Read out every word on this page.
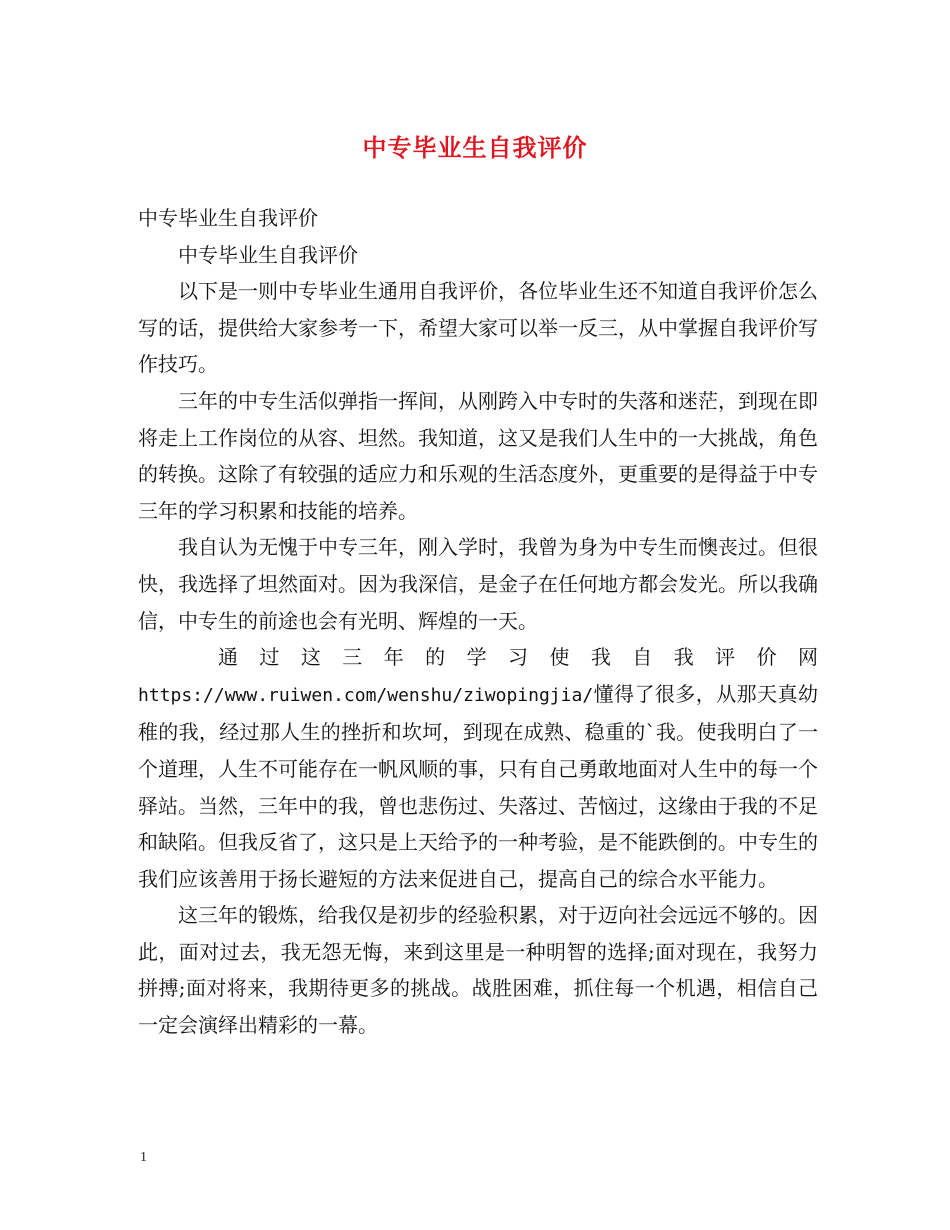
中专毕业生自我评价

中专毕业生自我评价

中专毕业生自我评价

以下是一则中专毕业生通用自我评价，各位毕业生还不知道自我评价怎么写的话，提供给大家参考一下，希望大家可以举一反三，从中掌握自我评价写作技巧。

三年的中专生活似弹指一挥间，从刚跨入中专时的失落和迷茫，到现在即将走上工作岗位的从容、坦然。我知道，这又是我们人生中的一大挑战，角色的转换。这除了有较强的适应力和乐观的生活态度外，更重要的是得益于中专三年的学习积累和技能的培养。

我自认为无愧于中专三年，刚入学时，我曾为身为中专生而懊丧过。但很快，我选择了坦然面对。因为我深信，是金子在任何地方都会发光。所以我确信，中专生的前途也会有光明、辉煌的一天。

通过这三年的学习使我自我评价网
https://www.ruiwen.com/wenshu/ziwopingjia/懂得了很多，从那天真幼稚的我，经过那人生的挫折和坎坷，到现在成熟、稳重的`我。使我明白了一个道理，人生不可能存在一帆风顺的事，只有自己勇敢地面对人生中的每一个驿站。当然，三年中的我，曾也悲伤过、失落过、苦恼过，这缘由于我的不足和缺陷。但我反省了，这只是上天给予的一种考验，是不能跌倒的。中专生的我们应该善用于扬长避短的方法来促进自己，提高自己的综合水平能力。

这三年的锻炼，给我仅是初步的经验积累，对于迈向社会远远不够的。因此，面对过去，我无怨无悔，来到这里是一种明智的选择;面对现在，我努力拼搏;面对将来，我期待更多的挑战。战胜困难，抓住每一个机遇，相信自己一定会演绎出精彩的一幕。

1
